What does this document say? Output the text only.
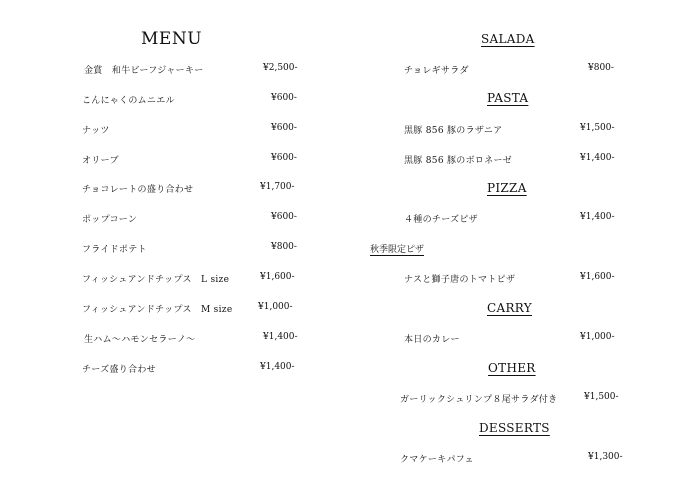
MENU
金賞　和牛ビーフジャーキー	¥2,500-
こんにゃくのムニエル	¥600-
ナッツ	¥600-
オリーブ	¥600-
チョコレートの盛り合わせ	¥1,700-
ポップコーン	¥600-
フライドポテト	¥800-
フィッシュアンドチップス　L size	¥1,600-
フィッシュアンドチップス　M size	¥1,000-
生ハム～ハモンセラーノ～	¥1,400-
チーズ盛り合わせ	¥1,400-
SALADA
チョレギサラダ	¥800-
PASTA
黒豚 856 豚のラザニア	¥1,500-
黒豚 856 豚のボロネーゼ	¥1,400-
PIZZA
４種のチーズピザ	¥1,400-
秋季限定ピザ
ナスと獅子唐のトマトピザ	¥1,600-
CARRY
本日のカレー	¥1,000-
OTHER
ガーリックシュリンプ８尾サラダ付き	¥1,500-
DESSERTS
クマケーキパフェ	¥1,300-
